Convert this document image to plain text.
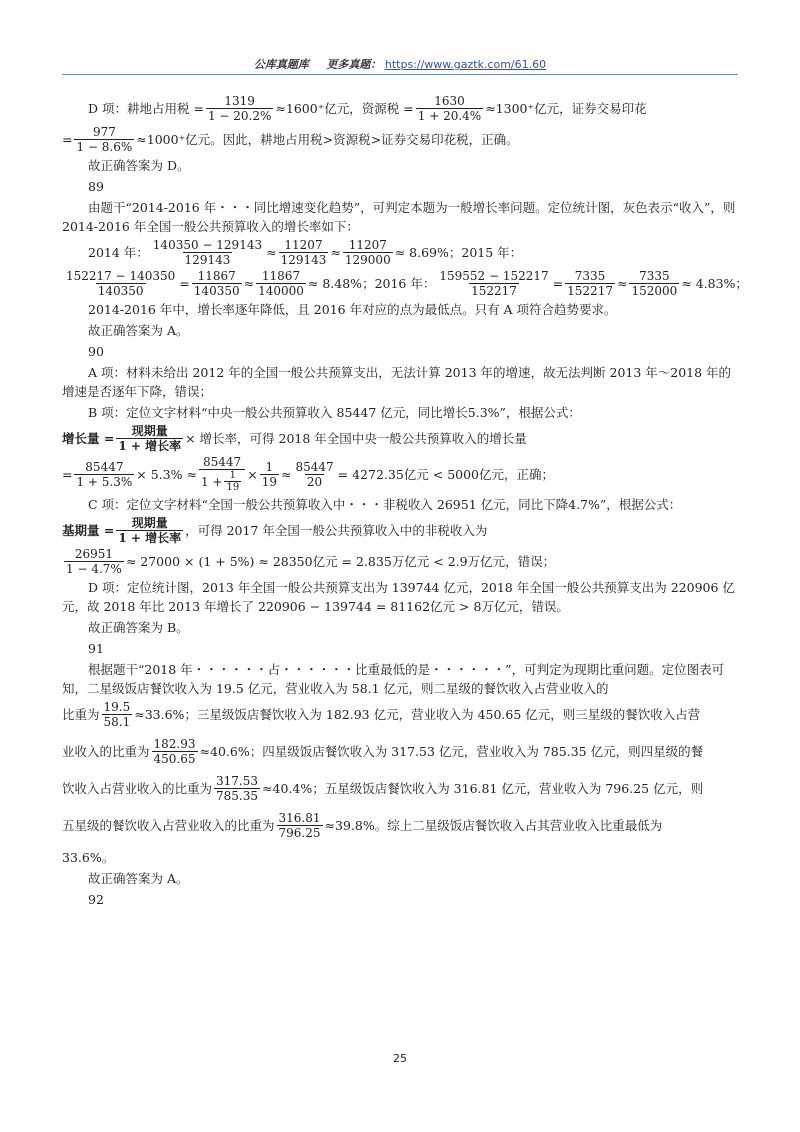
公库真题库 更多真题： https://www.gaztk.com/61.60
D 项：耕地占用税 = $\frac{1319}{1 - 20.2\%} \approx 1600^+$亿元，资源税 = $\frac{1630}{1 + 20.4\%} \approx 1300^+$亿元，证券交易印花
= $\frac{977}{1 - 8.6\%} \approx 1000^+$亿元。因此，耕地占用税>资源税>证券交易印花税，正确。

故正确答案为 D。

89

由题干“2014-2016 年・・・同比增速变化趋势”，可判定本题为一般增长率问题。定位统计图，灰色表示“收入”，则 2014-2016 年全国一般公共预算收入的增长率如下：

2014 年： $\frac{140350 - 129143}{129143} \approx \frac{11207}{129143} \approx \frac{11207}{129000} \approx 8.69\%$；2015 年：
$\frac{152217 - 140350}{140350} = \frac{11867}{140350} \approx \frac{11867}{140000} \approx 8.48\%$；2016 年： $\frac{159552 - 152217}{152217} = \frac{7335}{152217} \approx \frac{7335}{152000} \approx 4.83\%$；

2014-2016 年中，增长率逐年降低，且 2016 年对应的点为最低点。只有 A 项符合趋势要求。

故正确答案为 A。

90

A 项：材料未给出 2012 年的全国一般公共预算支出，无法计算 2013 年的增速，故无法判断 2013 年～2018 年的增速是否逐年下降，错误；

B 项：定位文字材料“中央一般公共预算收入 85447 亿元，同比增长5.3%”，根据公式：

增长量 = $\frac{\text{现期量}}{\text{1 + 增长率}}$ × 增长率，可得 2018 年全国中央一般公共预算收入的增长量
= $\frac{85447}{1 + 5.3\%} \times 5.3\% \approx \frac{85447}{1 + \frac{1}{19}} \times \frac{1}{19} \approx \frac{85447}{20} = 4272.35$亿元 < 5000亿元，正确；

C 项：定位文字材料“全国一般公共预算收入中・・・非税收入 26951 亿元，同比下降4.7%”，根据公式：

基期量 = $\frac{\text{现期量}}{\text{1 + 增长率}}$ ，可得 2017 年全国一般公共预算收入中的非税收入为
$\frac{26951}{1 - 4.7\%} \approx 27000 \times (1 + 5\%) \approx 28350$亿元 = 2.835万亿元 < 2.9万亿元，错误；

D 项：定位统计图，2013 年全国一般公共预算支出为 139744 亿元，2018 年全国一般公共预算支出为 220906 亿元，故 2018 年比 2013 年增长了 220906 − 139744 = 81162亿元 > 8万亿元，错误。

故正确答案为 B。

91

根据题干“2018 年・・・・・・占・・・・・・比重最低的是・・・・・・”，可判定为现期比重问题。定位图表可知，二星级饭店餐饮收入为 19.5 亿元，营业收入为 58.1 亿元，则二星级的餐饮收入占营业收入的

比重为 $\frac{19.5}{58.1} \approx 33.6\%$；三星级饭店餐饮收入为 182.93 亿元，营业收入为 450.65 亿元，则三星级的餐饮收入占营
业收入的比重为 $\frac{182.93}{450.65} \approx 40.6\%$；四星级饭店餐饮收入为 317.53 亿元，营业收入为 785.35 亿元，则四星级的餐
饮收入占营业收入的比重为 $\frac{317.53}{785.35} \approx 40.4\%$；五星级饭店餐饮收入为 316.81 亿元，营业收入为 796.25 亿元，则
五星级的餐饮收入占营业收入的比重为 $\frac{316.81}{796.25} \approx 39.8\%$。综上二星级饭店餐饮收入占其营业收入比重最低为

33.6%。

故正确答案为 A。

92

25
